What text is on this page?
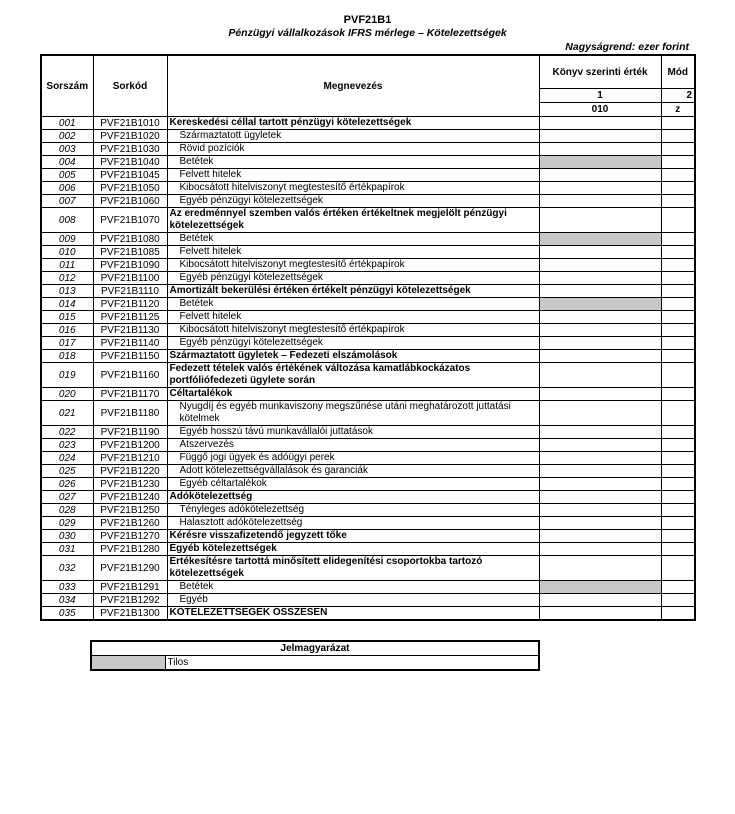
PVF21B1
Pénzügyi vállalkozások IFRS mérlege – Kötelezettségek
Nagyságrend: ezer forint
Sorszám	Sorkód	Megnevezés	Könyv szerinti érték	Mód
			1	2
			010	z
001	PVF21B1010	Kereskedési céllal tartott pénzügyi kötelezettségek		
002	PVF21B1020	Származtatott ügyletek		
003	PVF21B1030	Rövid pozíciók		
004	PVF21B1040	Betétek		
005	PVF21B1045	Felvett hitelek		
006	PVF21B1050	Kibocsátott hitelviszonyt megtestesítő értékpapírok		
007	PVF21B1060	Egyéb pénzügyi kötelezettségek		
008	PVF21B1070	Az eredménnyel szemben valós értéken értékeltnek megjelölt pénzügyi kötelezettségek		
009	PVF21B1080	Betétek		
010	PVF21B1085	Felvett hitelek		
011	PVF21B1090	Kibocsátott hitelviszonyt megtestesítő értékpapírok		
012	PVF21B1100	Egyéb pénzügyi kötelezettségek		
013	PVF21B1110	Amortizált bekerülési értéken értékelt pénzügyi kötelezettségek		
014	PVF21B1120	Betétek		
015	PVF21B1125	Felvett hitelek		
016	PVF21B1130	Kibocsátott hitelviszonyt megtestesítő értékpapírok		
017	PVF21B1140	Egyéb pénzügyi kötelezettségek		
018	PVF21B1150	Származtatott ügyletek – Fedezeti elszámolások		
019	PVF21B1160	Fedezett tételek valós értékének változása kamatlábkockázatos portfóliófedezeti ügylete során		
020	PVF21B1170	Céltartalékok		
021	PVF21B1180	Nyugdíj és egyéb munkaviszony megszűnése utáni meghatározott juttatási kötelmek		
022	PVF21B1190	Egyéb hosszú távú munkavállalói juttatások		
023	PVF21B1200	Átszervezés		
024	PVF21B1210	Függő jogi ügyek és adóügyi perek		
025	PVF21B1220	Adott kötelezettségvállalások és garanciák		
026	PVF21B1230	Egyéb céltartalékok		
027	PVF21B1240	Adókötelezettség		
028	PVF21B1250	Tényleges adókötelezettség		
029	PVF21B1260	Halasztott adókötelezettség		
030	PVF21B1270	Kérésre visszafizetendő jegyzett tőke		
031	PVF21B1280	Egyéb kötelezettségek		
032	PVF21B1290	Értékesítésre tartottá minősített elidegenítési csoportokba tartozó kötelezettségek		
033	PVF21B1291	Betétek		
034	PVF21B1292	Egyéb		
035	PVF21B1300	KÖTELEZETTSÉGEK ÖSSZESEN		
Jelmagyarázat
	Tilos
